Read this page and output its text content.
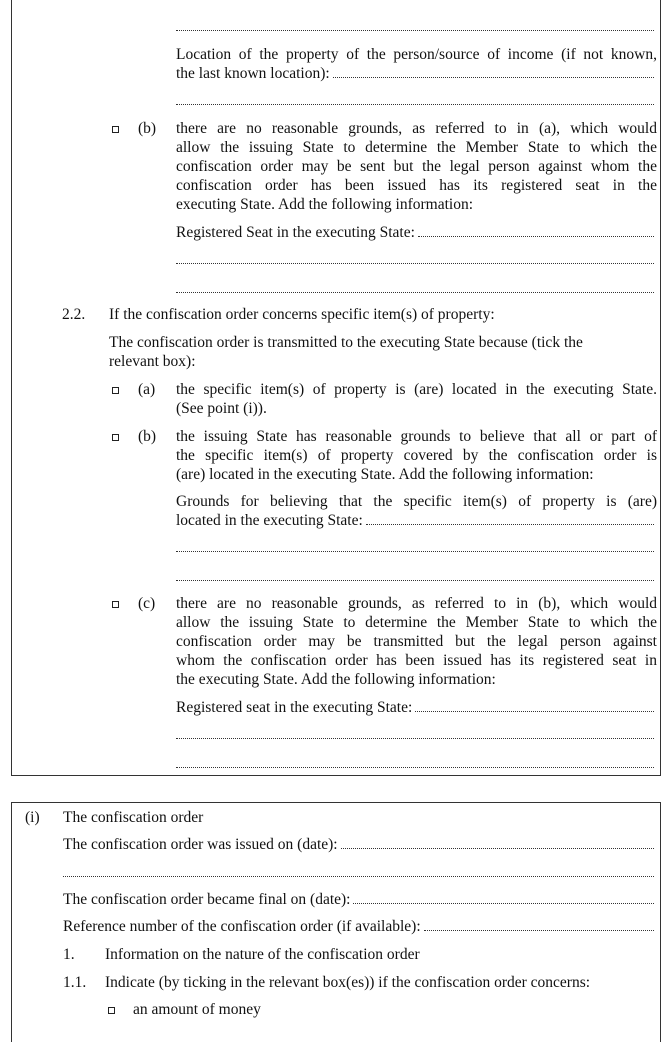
Location of the property of the person/source of income (if not known,
the last known location):
(b) there are no reasonable grounds, as referred to in (a), which would
allow the issuing State to determine the Member State to which the
confiscation order may be sent but the legal person against whom the
confiscation order has been issued has its registered seat in the
executing State. Add the following information:
Registered Seat in the executing State:
2.2. If the confiscation order concerns specific item(s) of property:
The confiscation order is transmitted to the executing State because (tick the
relevant box):
(a) the specific item(s) of property is (are) located in the executing State.
(See point (i)).
(b) the issuing State has reasonable grounds to believe that all or part of
the specific item(s) of property covered by the confiscation order is
(are) located in the executing State. Add the following information:
Grounds for believing that the specific item(s) of property is (are)
located in the executing State:
(c) there are no reasonable grounds, as referred to in (b), which would
allow the issuing State to determine the Member State to which the
confiscation order may be transmitted but the legal person against
whom the confiscation order has been issued has its registered seat in
the executing State. Add the following information:
Registered seat in the executing State:
(i) The confiscation order
The confiscation order was issued on (date):
The confiscation order became final on (date):
Reference number of the confiscation order (if available):
1. Information on the nature of the confiscation order
1.1. Indicate (by ticking in the relevant box(es)) if the confiscation order concerns:
an amount of money
